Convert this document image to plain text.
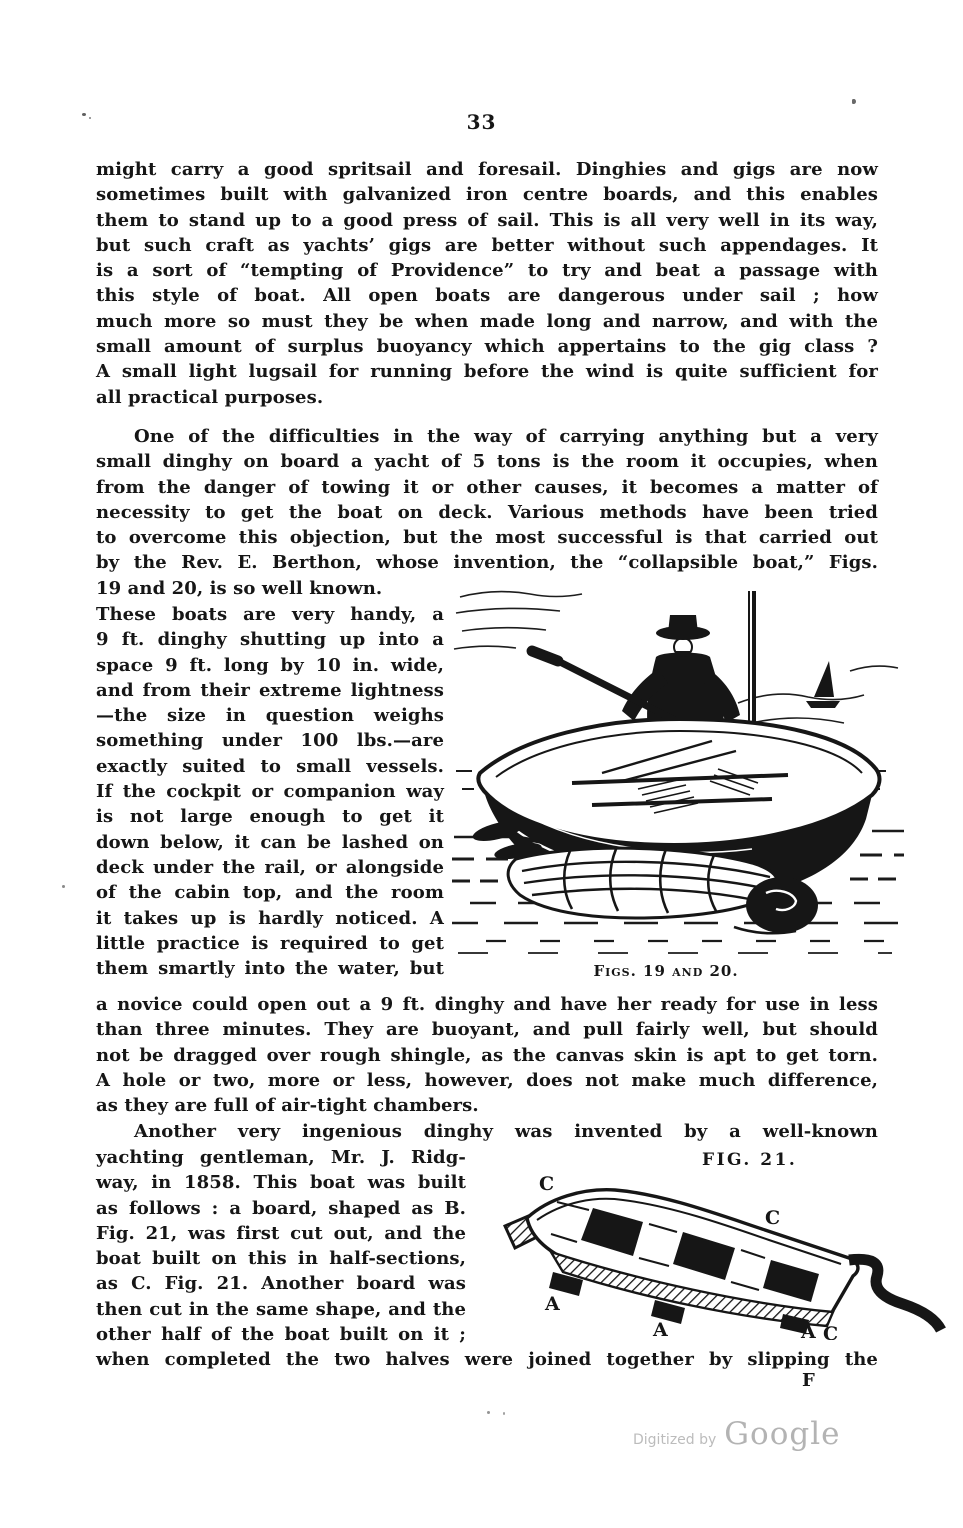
33
might carry a good spritsail and foresail. Dinghies and gigs are now
sometimes built with galvanized iron centre boards, and this enables
them to stand up to a good press of sail. This is all very well in its way,
but such craft as yachts’ gigs are better without such appendages. It
is a sort of “tempting of Providence” to try and beat a passage with
this style of boat. All open boats are dangerous under sail ; how
much more so must they be when made long and narrow, and with the
small amount of surplus buoyancy which appertains to the gig class ?
A small light lugsail for running before the wind is quite sufficient for
all practical purposes.
One of the difficulties in the way of carrying anything but a very
small dinghy on board a yacht of 5 tons is the room it occupies, when
from the danger of towing it or other causes, it becomes a matter of
necessity to get the boat on deck. Various methods have been tried
to overcome this objection, but the most successful is that carried out
by the Rev. E. Berthon, whose invention, the “collapsible boat,” Figs.
19 and 20, is so well known.
Figs. 19 and 20.
These boats are very handy, a
9 ft. dinghy shutting up into a
space 9 ft. long by 10 in. wide,
and from their extreme lightness
—the size in question weighs
something under 100 lbs.—are
exactly suited to small vessels.
If the cockpit or companion way
is not large enough to get it
down below, it can be lashed on
deck under the rail, or alongside
of the cabin top, and the room
it takes up is hardly noticed. A
little practice is required to get
them smartly into the water, but
a novice could open out a 9 ft. dinghy and have her ready for use in less
than three minutes. They are buoyant, and pull fairly well, but should
not be dragged over rough shingle, as the canvas skin is apt to get torn.
A hole or two, more or less, however, does not make much difference,
as they are full of air-tight chambers.
Another very ingenious dinghy was invented by a well-known
yachting gentleman, Mr. J. Ridg-
way, in 1858. This boat was built
as follows : a board, shaped as B.
Fig. 21, was first cut out, and the
boat built on this in half-sections,
as C. Fig. 21. Another board was
then cut in the same shape, and the
other half of the boat built on it ;
FIG. 21.
C
C
A
A	A C
when completed the two halves were joined together by slipping the
F
Digitized by Google
